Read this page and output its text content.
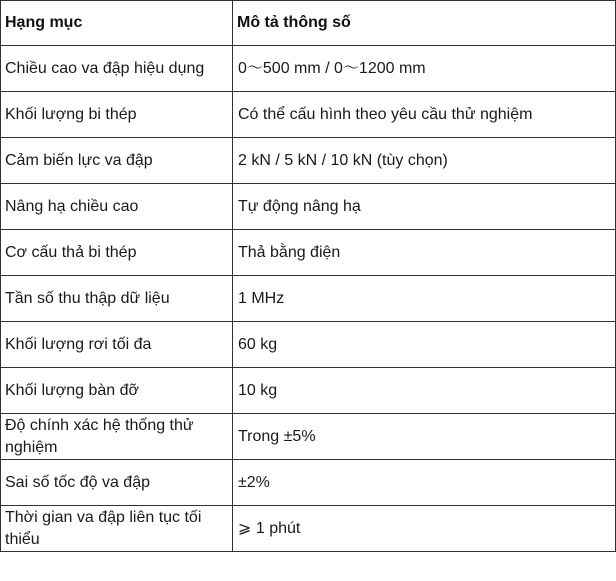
Hạng mục	Mô tả thông số
Chiều cao va đập hiệu dụng	0～500 mm / 0～1200 mm
Khối lượng bi thép	Có thể cấu hình theo yêu cầu thử nghiệm
Cảm biến lực va đập	2 kN / 5 kN / 10 kN (tùy chọn)
Nâng hạ chiều cao	Tự động nâng hạ
Cơ cấu thả bi thép	Thả bằng điện
Tần số thu thập dữ liệu	1 MHz
Khối lượng rơi tối đa	60 kg
Khối lượng bàn đỡ	10 kg
Độ chính xác hệ thống thử nghiệm	Trong ±5%
Sai số tốc độ va đập	±2%
Thời gian va đập liên tục tối thiểu	⩾ 1 phút
